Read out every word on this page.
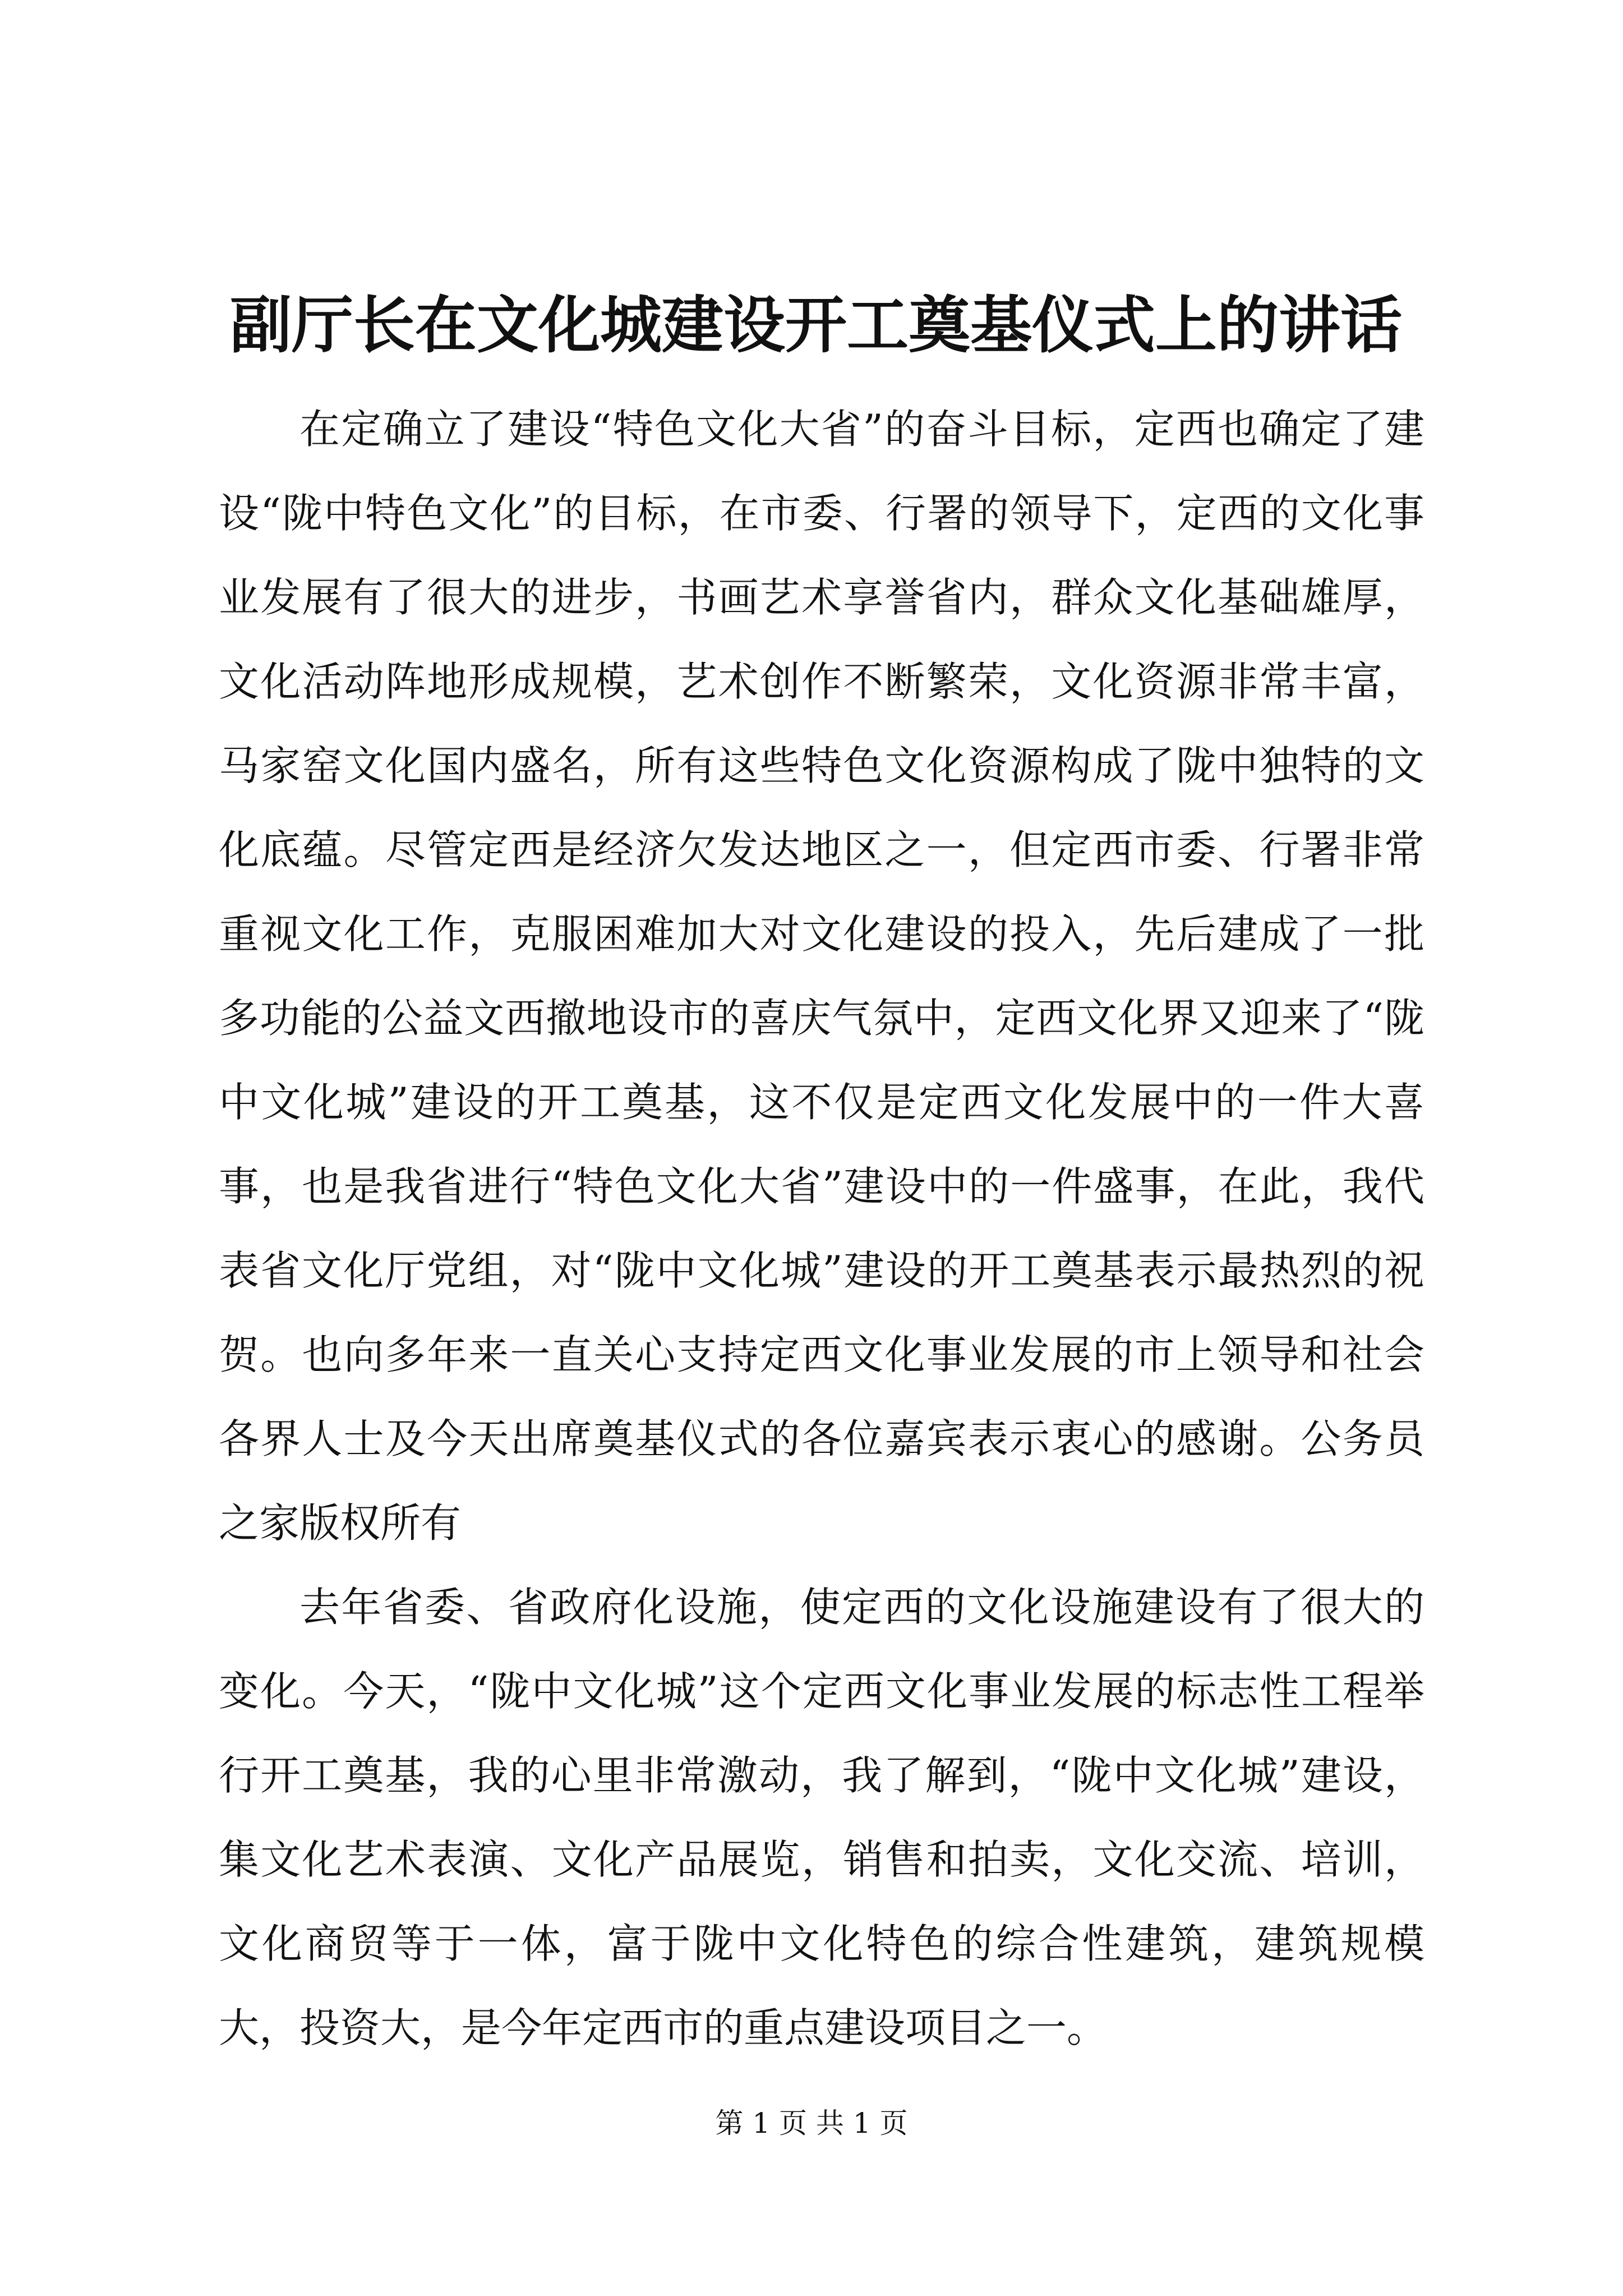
副厅长在文化城建设开工奠基仪式上的讲话

在定确立了建设“特色文化大省”的奋斗目标，定西也确定了建设“陇中特色文化”的目标，在市委、行署的领导下，定西的文化事业发展有了很大的进步，书画艺术享誉省内，群众文化基础雄厚，文化活动阵地形成规模，艺术创作不断繁荣，文化资源非常丰富，马家窑文化国内盛名，所有这些特色文化资源构成了陇中独特的文化底蕴。尽管定西是经济欠发达地区之一，但定西市委、行署非常重视文化工作，克服困难加大对文化建设的投入，先后建成了一批多功能的公益文西撤地设市的喜庆气氛中，定西文化界又迎来了“陇中文化城”建设的开工奠基，这不仅是定西文化发展中的一件大喜事，也是我省进行“特色文化大省”建设中的一件盛事，在此，我代表省文化厅党组，对“陇中文化城”建设的开工奠基表示最热烈的祝贺。也向多年来一直关心支持定西文化事业发展的市上领导和社会各界人士及今天出席奠基仪式的各位嘉宾表示衷心的感谢。公务员之家版权所有

去年省委、省政府化设施，使定西的文化设施建设有了很大的变化。今天，“陇中文化城”这个定西文化事业发展的标志性工程举行开工奠基，我的心里非常激动，我了解到，“陇中文化城”建设，集文化艺术表演、文化产品展览，销售和拍卖，文化交流、培训，文化商贸等于一体，富于陇中文化特色的综合性建筑，建筑规模大，投资大，是今年定西市的重点建设项目之一。

第 1 页 共 1 页
